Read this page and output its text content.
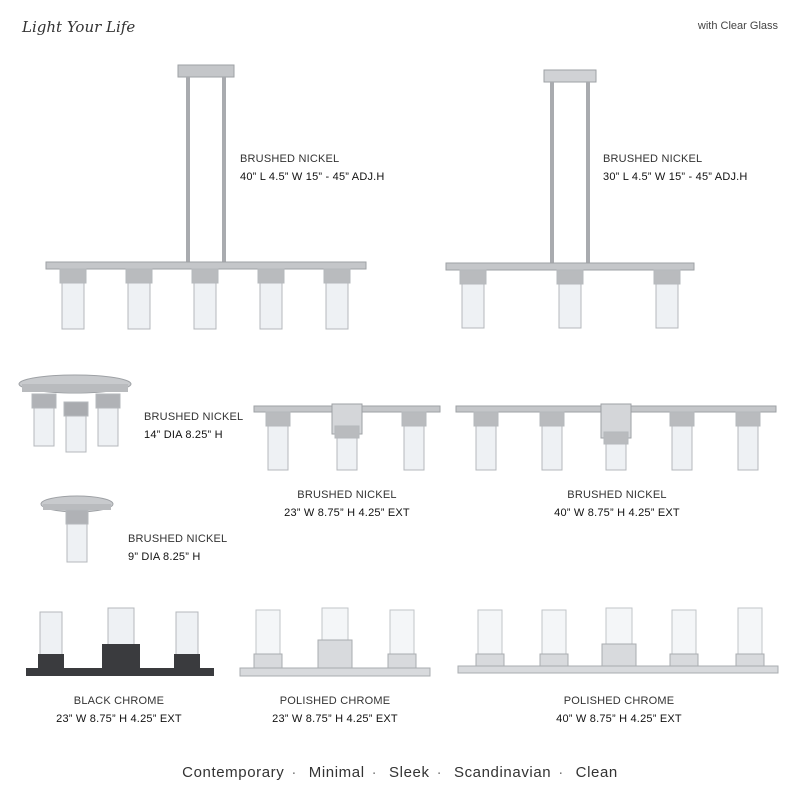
Light Your Life	with Clear Glass
BRUSHED NICKEL
40” L 4.5” W 15” - 45” ADJ.H
BRUSHED NICKEL
30” L 4.5” W 15” - 45” ADJ.H
BRUSHED NICKEL
14” DIA 8.25” H
BRUSHED NICKEL
9” DIA 8.25” H
BRUSHED NICKEL
23” W 8.75” H 4.25” EXT
BRUSHED NICKEL
40” W 8.75” H 4.25” EXT
BLACK CHROME
23” W 8.75” H 4.25” EXT
POLISHED CHROME
23” W 8.75” H 4.25” EXT
POLISHED CHROME
40” W 8.75” H 4.25” EXT
Contemporary · Minimal · Sleek · Scandinavian · Clean
